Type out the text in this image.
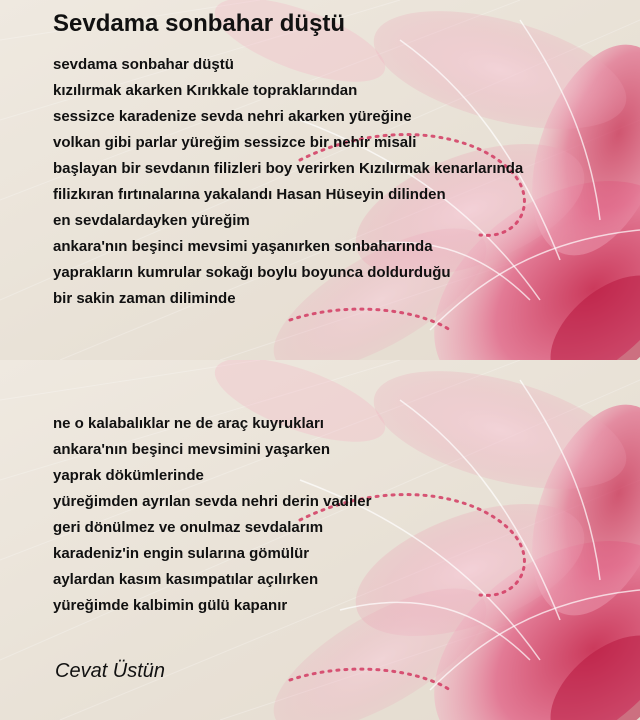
Sevdama sonbahar düştü
sevdama sonbahar düştü
kızılırmak akarken Kırıkkale topraklarından
sessizce karadenize sevda nehri akarken yüreğine
volkan gibi parlar yüreğim sessizce bir nehir misali
başlayan bir sevdanın filizleri boy verirken Kızılırmak kenarlarında
filizkıran fırtınalarına yakalandı Hasan Hüseyin dilinden
en sevdalardayken yüreğim
ankara'nın beşinci mevsimi yaşanırken sonbaharında
yaprakların kumrular sokağı boylu boyunca doldurduğu
bir sakin zaman diliminde
ne o kalabalıklar ne de araç kuyrukları
ankara'nın beşinci mevsimini yaşarken
yaprak dökümlerinde
yüreğimden ayrılan sevda nehri derin vadiler
geri dönülmez ve onulmaz sevdalarım
karadeniz'in engin sularına gömülür
aylardan kasım kasımpatılar açılırken
yüreğimde kalbimin gülü kapanır
Cevat Üstün
